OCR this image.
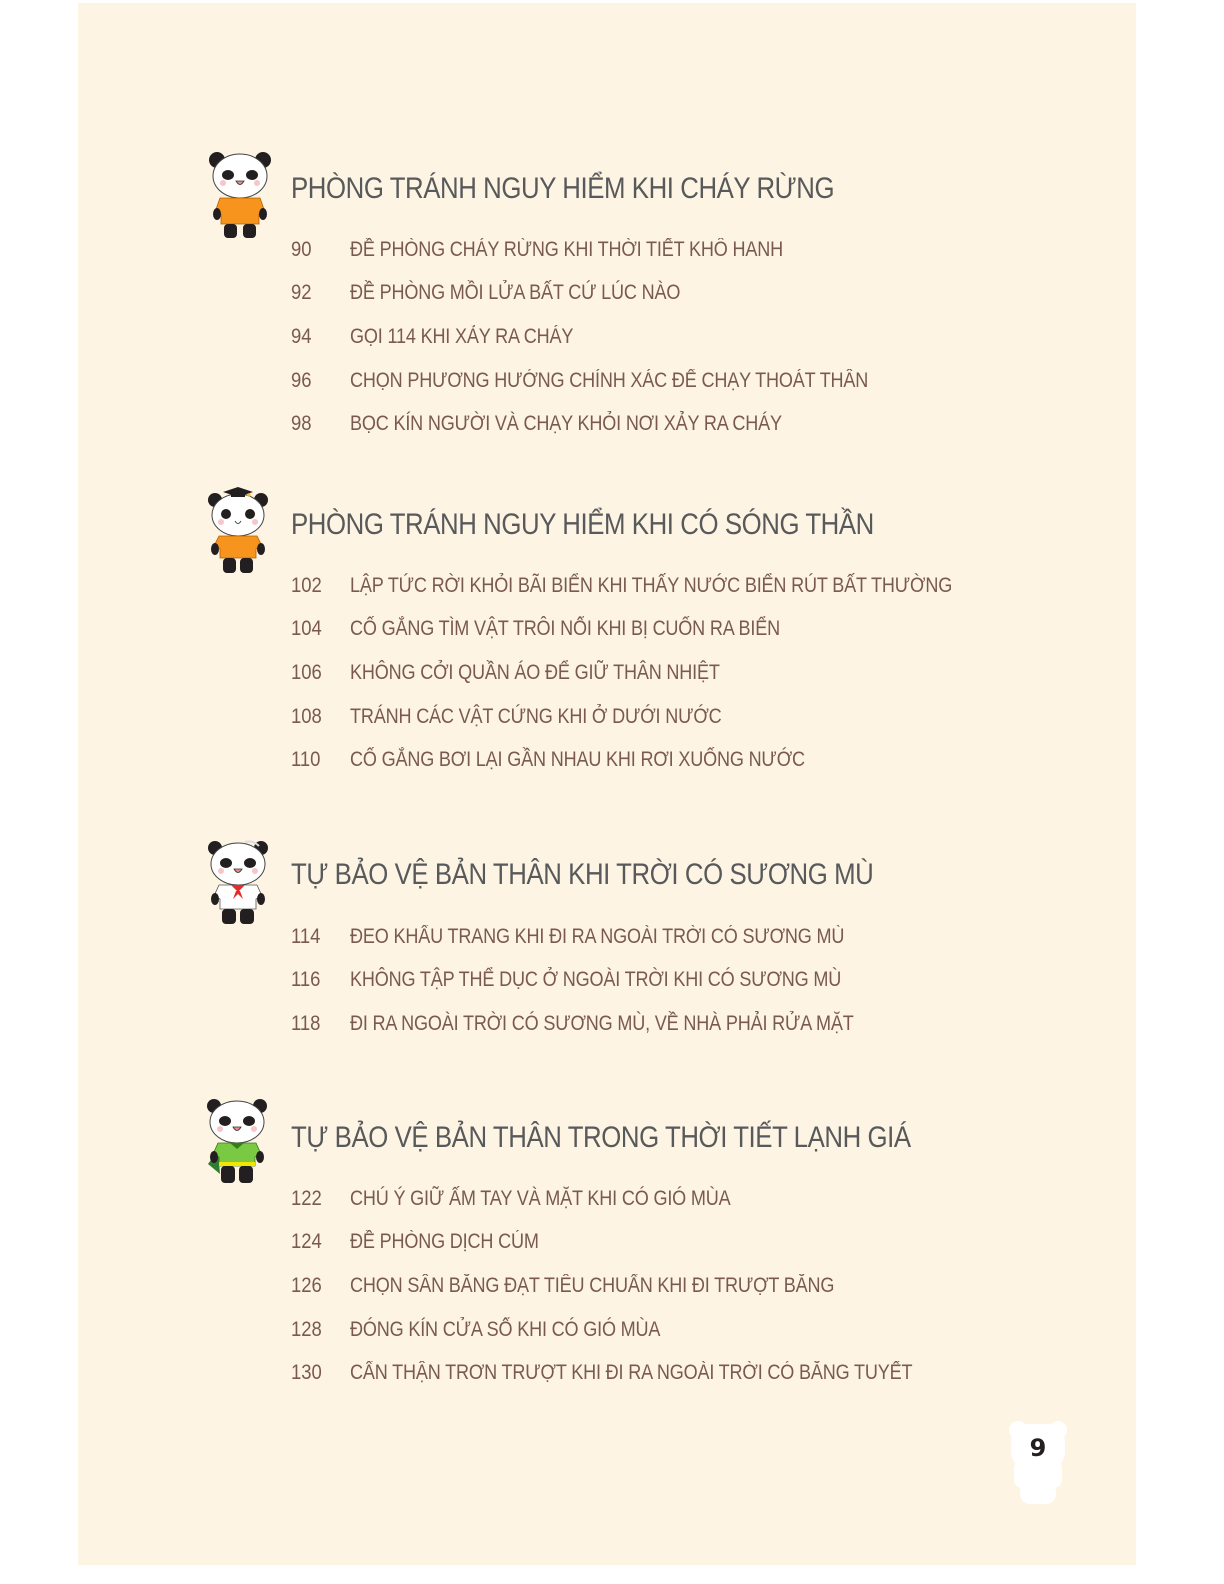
PHÒNG TRÁNH NGUY HIỂM KHI CHÁY RỪNG
90	ĐỀ PHÒNG CHÁY RỪNG KHI THỜI TIẾT KHÔ HANH
92	ĐỀ PHÒNG MỒI LỬA BẤT CỨ LÚC NÀO
94	GỌI 114 KHI XẢY RA CHÁY
96	CHỌN PHƯƠNG HƯỚNG CHÍNH XÁC ĐỂ CHẠY THOÁT THÂN
98	BỌC KÍN NGƯỜI VÀ CHẠY KHỎI NƠI XẢY RA CHÁY
PHÒNG TRÁNH NGUY HIỂM KHI CÓ SÓNG THẦN
102	LẬP TỨC RỜI KHỎI BÃI BIỂN KHI THẤY NƯỚC BIỂN RÚT BẤT THƯỜNG
104	CỐ GẮNG TÌM VẬT TRÔI NỔI KHI BỊ CUỐN RA BIỂN
106	KHÔNG CỞI QUẦN ÁO ĐỂ GIỮ THÂN NHIỆT
108	TRÁNH CÁC VẬT CỨNG KHI Ở DƯỚI NƯỚC
110	CỐ GẮNG BƠI LẠI GẦN NHAU KHI RƠI XUỐNG NƯỚC
TỰ BẢO VỆ BẢN THÂN KHI TRỜI CÓ SƯƠNG MÙ
114	ĐEO KHẨU TRANG KHI ĐI RA NGOÀI TRỜI CÓ SƯƠNG MÙ
116	KHÔNG TẬP THỂ DỤC Ở NGOÀI TRỜI KHI CÓ SƯƠNG MÙ
118	ĐI RA NGOÀI TRỜI CÓ SƯƠNG MÙ, VỀ NHÀ PHẢI RỬA MẶT
TỰ BẢO VỆ BẢN THÂN TRONG THỜI TIẾT LẠNH GIÁ
122	CHÚ Ý GIỮ ẤM TAY VÀ MẶT KHI CÓ GIÓ MÙA
124	ĐỀ PHÒNG DỊCH CÚM
126	CHỌN SÂN BĂNG ĐẠT TIÊU CHUẨN KHI ĐI TRƯỢT BĂNG
128	ĐÓNG KÍN CỬA SỔ KHI CÓ GIÓ MÙA
130	CẨN THẬN TRƠN TRƯỢT KHI ĐI RA NGOÀI TRỜI CÓ BĂNG TUYẾT
9
